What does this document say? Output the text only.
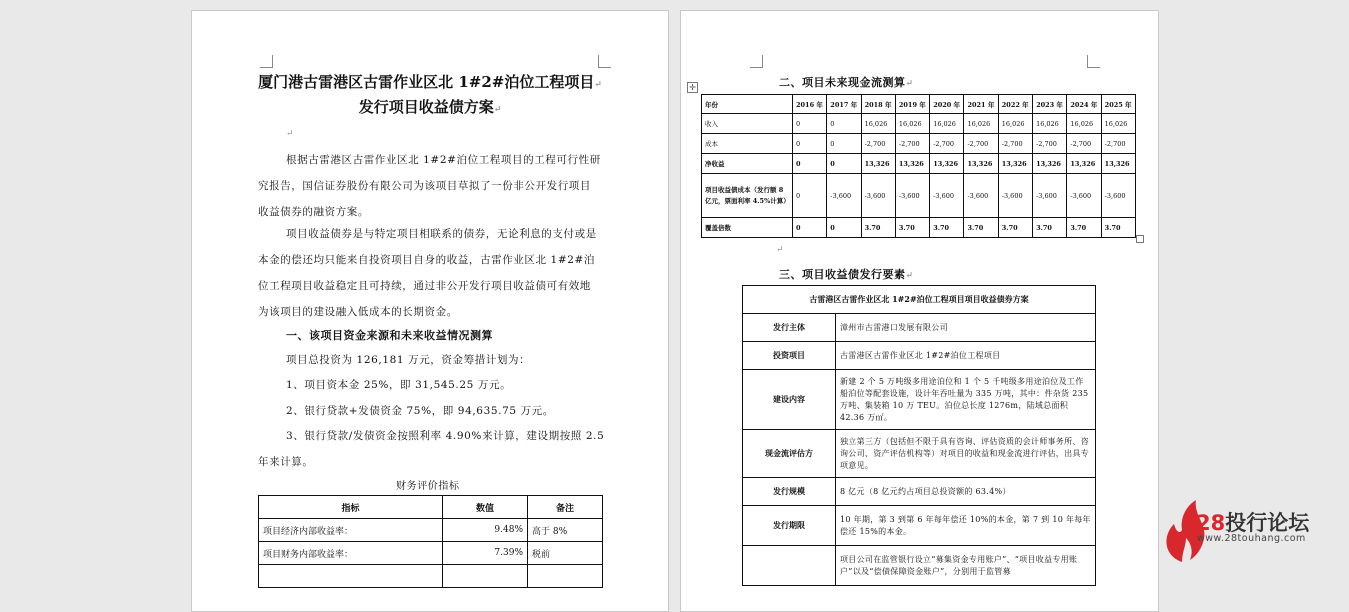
厦门港古雷港区古雷作业区北 1#2#泊位工程项目↵
发行项目收益债方案↵
↵
根据古雷港区古雷作业区北 1#2#泊位工程项目的工程可行性研
究报告，国信证券股份有限公司为该项目草拟了一份非公开发行项目
收益债券的融资方案。
项目收益债券是与特定项目相联系的债券，无论利息的支付或是
本金的偿还均只能来自投资项目自身的收益，古雷作业区北 1#2#泊
位工程项目收益稳定且可持续，通过非公开发行项目收益债可有效地
为该项目的建设融入低成本的长期资金。
一、该项目资金来源和未来收益情况测算
项目总投资为 126,181 万元，资金筹措计划为：
1、项目资本金 25%，即 31,545.25 万元。
2、银行贷款+发债资金 75%，即 94,635.75 万元。
3、银行贷款/发债资金按照利率 4.90%来计算，建设期按照 2.5
年来计算。
财务评价指标
指标	数值	备注
项目经济内部收益率：	9.48%	高于 8%
项目财务内部收益率：	7.39%	税前

✛	二、项目未来现金流测算↵
年份	2016 年	2017 年	2018 年	2019 年	2020 年	2021 年	2022 年	2023 年	2024 年	2025 年
收入	0	0	16,026	16,026	16,026	16,026	16,026	16,026	16,026	16,026
成本	0	0	-2,700	-2,700	-2,700	-2,700	-2,700	-2,700	-2,700	-2,700
净收益	0	0	13,326	13,326	13,326	13,326	13,326	13,326	13,326	13,326
项目收益债成本（发行额 8 亿元，票面利率 4.5%计算）	0	-3,600	-3,600	-3,600	-3,600	-3,600	-3,600	-3,600	-3,600	-3,600
覆盖倍数	0	0	3.70	3.70	3.70	3.70	3.70	3.70	3.70	3.70
↵
三、项目收益债发行要素↵
古雷港区古雷作业区北 1#2#泊位工程项目项目收益债券方案	
发行主体	漳州市古雷港口发展有限公司
投资项目	古雷港区古雷作业区北 1#2#泊位工程项目
建设内容	新建 2 个 5 万吨级多用途泊位和 1 个 5 千吨级多用途泊位及工作船泊位等配套设施，设计年吞吐量为 335 万吨，其中：件杂货 235 万吨、集装箱 10 万 TEU。泊位总长度 1276m，陆域总面积 42.36 万㎡。
现金流评估方	独立第三方（包括但不限于具有咨询、评估资质的会计师事务所、咨询公司、资产评估机构等）对项目的收益和现金流进行评估，出具专项意见。
发行规模	8 亿元（8 亿元约占项目总投资额的 63.4%）
发行期限	10 年期，第 3 到第 6 年每年偿还 10%的本金，第 7 到 10 年每年偿还 15%的本金。
	项目公司在监管银行设立“募集资金专用账户”、“项目收益专用账户”以及“偿债保障资金账户”，分别用于监管募
28投行论坛
www.28touhang.com
